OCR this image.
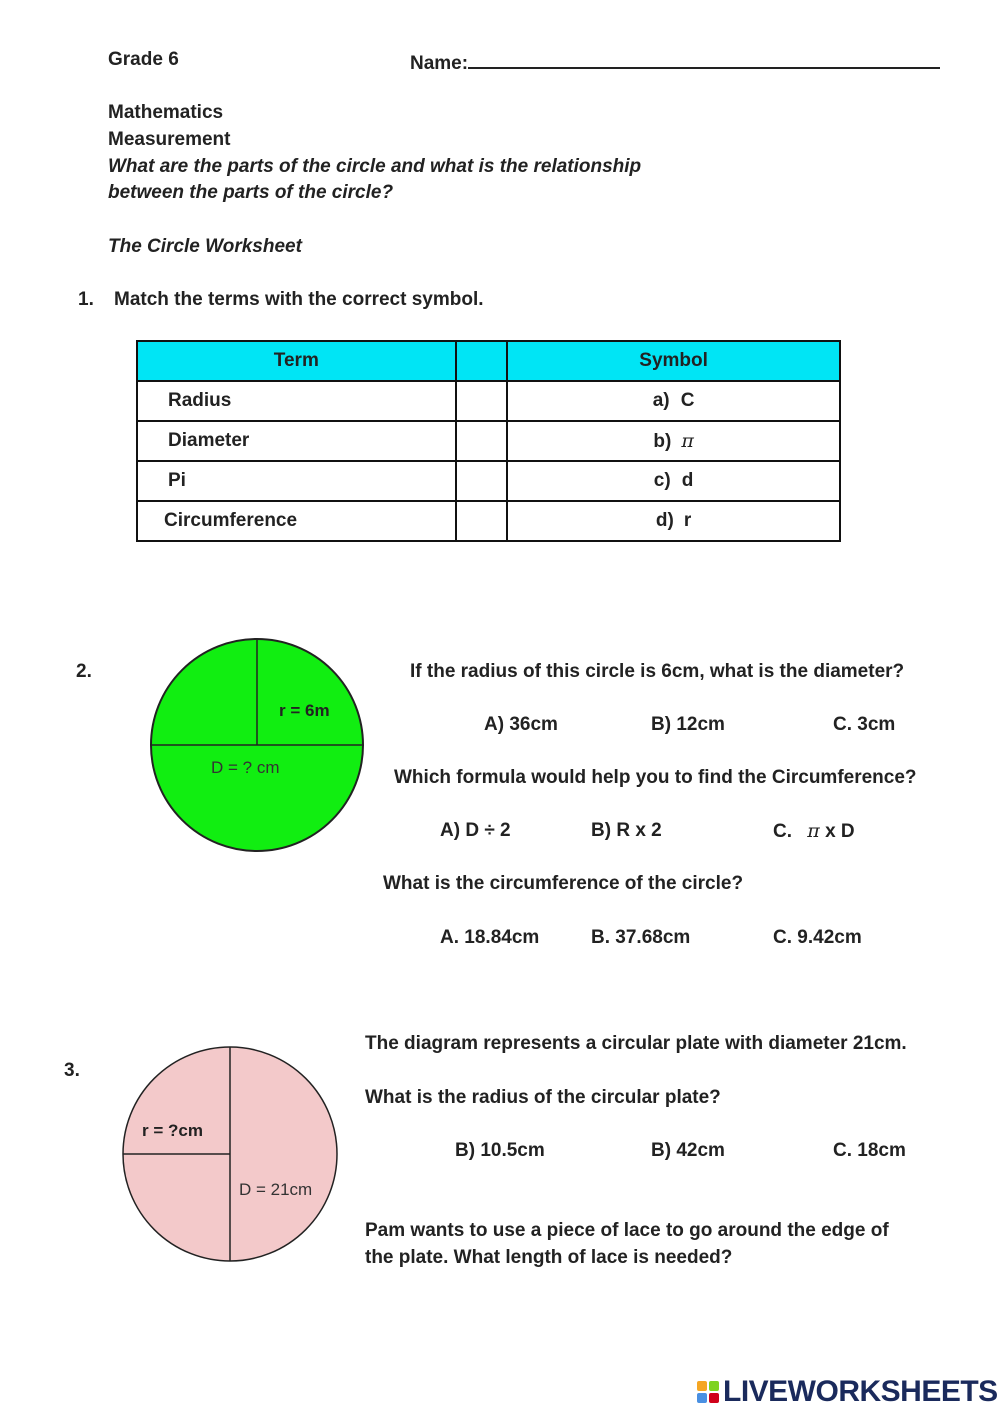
Grade 6	Name:
Mathematics
Measurement
What are the parts of the circle and what is the relationship
between the parts of the circle?
The Circle Worksheet
1. Match the terms with the correct symbol.
Term		Symbol
Radius		a) C
Diameter		b) π
Pi		c) d
Circumference		d) r
2.
r = 6m
D = ? cm
If the radius of this circle is 6cm, what is the diameter?
A) 36cm	B) 12cm	C. 3cm
Which formula would help you to find the Circumference?
A) D ÷ 2	B) R x 2	C. π x D
What is the circumference of the circle?
A. 18.84cm	B. 37.68cm	C. 9.42cm
3.
r = ?cm
D = 21cm
The diagram represents a circular plate with diameter 21cm.
What is the radius of the circular plate?
B) 10.5cm	B) 42cm	C. 18cm
Pam wants to use a piece of lace to go around the edge of
the plate. What length of lace is needed?
LIVEWORKSHEETS
